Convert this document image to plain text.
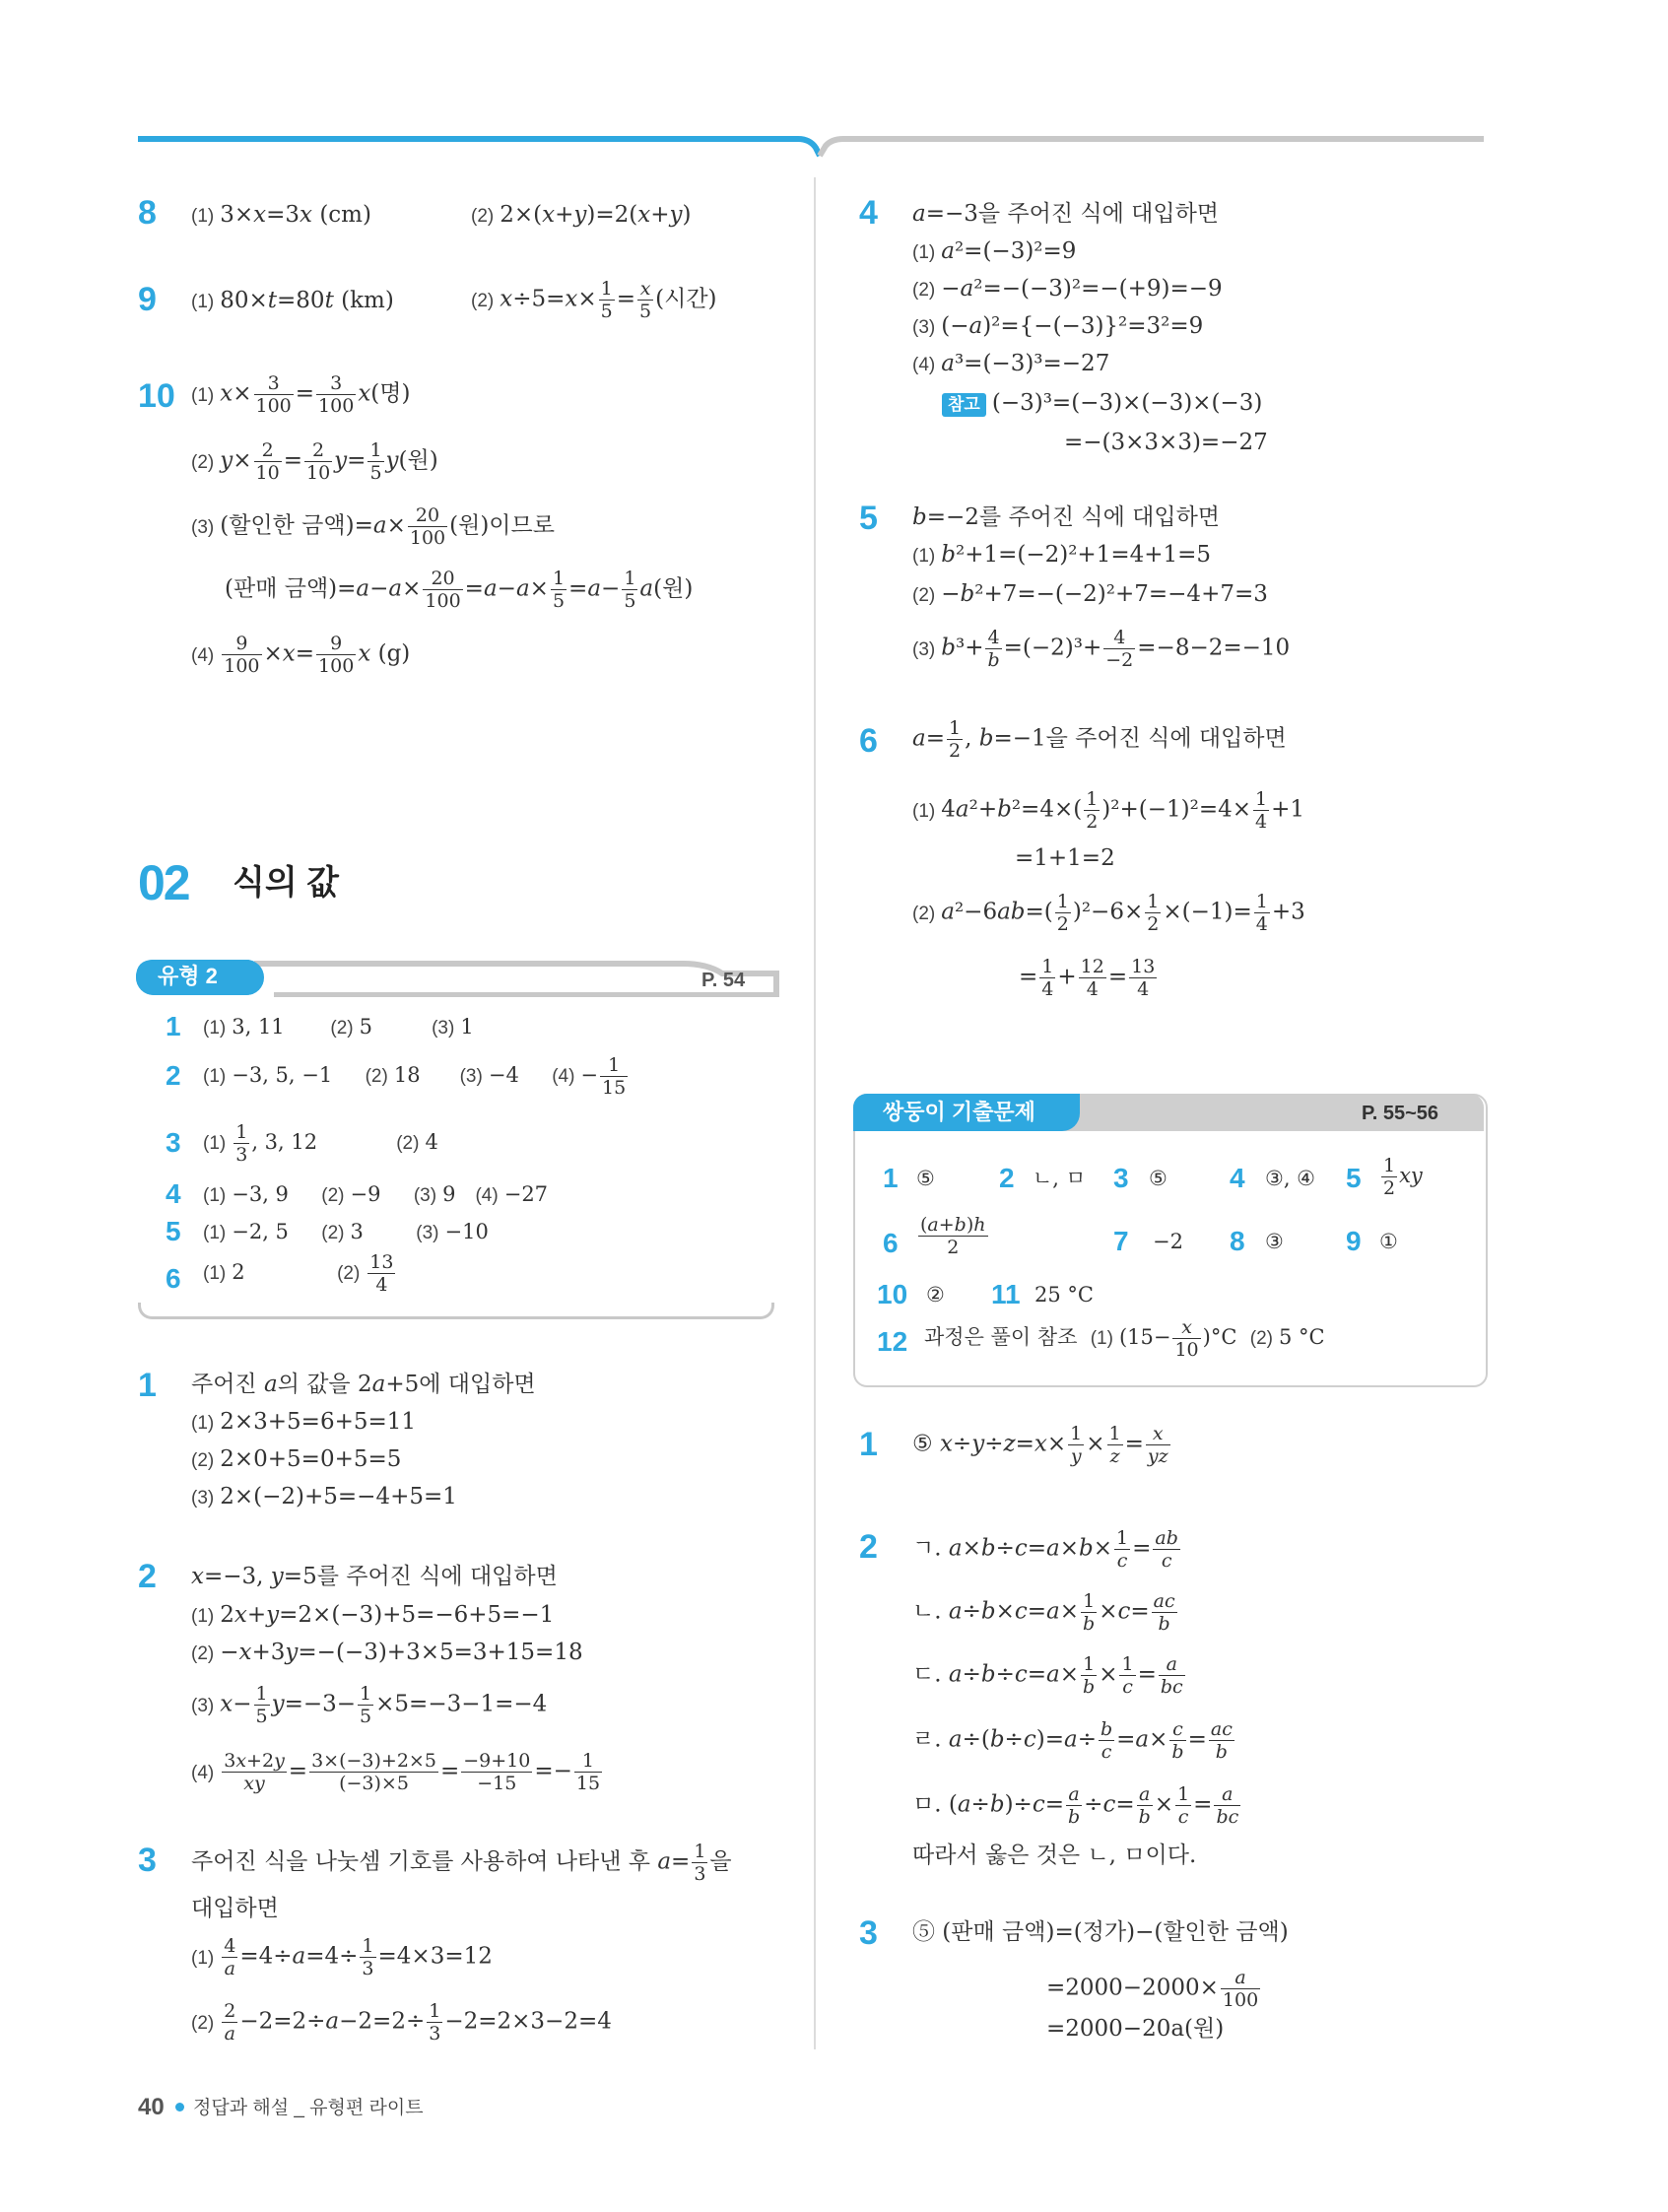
8 (1) 3×x=3x (cm)	(2) 2×(x+y)=2(x+y)
9 (1) 80×t=80t (km)	(2) $x\div 5=x\times \frac{1}{5} = \frac{x}{5}$ (시간)
10 (1) $x\times \frac{3}{100} = \frac{3}{100} x$(명)
(2) $y\times \frac{2}{10} = \frac{2}{10} y= \frac{1}{5} y$(원)
(3) (할인한 금액)$=a\times \frac{20}{100}$ (원)이므로
(판매 금액)$=a-a\times \frac{20}{100} =a-a\times \frac{1}{5} =a- \frac{1}{5} a$(원)
$(4) \frac{9}{100} \times x= \frac{9}{100}$ x (g)
02 식의 값
유형 2	P. 54
1 (1) 3, 11       (2) 5         (3) 1
2 (1) −3, 5, −1     (2) 18      (3) −4     $(4) - \frac{1}{15}$
3 $(1) \frac{1}{3}$ , 3, 12            (2) 4
4 (1) −3, 9     (2) −9     (3) 9   (4) −27
5 (1) −2, 5     (2) 3        (3) −10
6 (1) 2              $(2) \frac{13}{4}$
1 주어진 a의 값을 2a+5에 대입하면
(1) 2×3+5=6+5=11
(2) 2×0+5=0+5=5
(3) 2×(−2)+5=−4+5=1
2 x=−3, y=5를 주어진 식에 대입하면
(1) 2x+y=2×(−3)+5=−6+5=−1
(2) −x+3y=−(−3)+3×5=3+15=18
(3) $x- \frac{1}{5} y=-3- \frac{1}{5} \times 5=-3-1=-4$
$(4) \frac{3x+2y}{xy} = \frac{3\times(-3)+2\times 5}{(-3)\times 5} = \frac{-9+10}{-15} =- \frac{1}{15}$
3 주어진 식을 나눗셈 기호를 사용하여 나타낸 후 $a= \frac{1}{3}$ 을
대입하면
$(1) \frac{4}{a} =4\div a=4\div \frac{1}{3} =4\times 3=12$
$(2) \frac{2}{a} -2=2\div a-2=2\div \frac{1}{3} -2=2\times 3-2=4$
4 a=−3을 주어진 식에 대입하면
(1) a²=(−3)²=9
(2) −a²=−(−3)²=−(+9)=−9
(3) (−a)²={−(−3)}²=3²=9
(4) a³=(−3)³=−27
참고 (−3)³=(−3)×(−3)×(−3)
=−(3×3×3)=−27
5 b=−2를 주어진 식에 대입하면
(1) b²+1=(−2)²+1=4+1=5
(2) −b²+7=−(−2)²+7=−4+7=3
(3) $b^3+ \frac{4}{b} =(-2)^3+ \frac{4}{-2} =-8-2=-10$
6 $a= \frac{1}{2}$ , b=−1을 주어진 식에 대입하면
(1) $4a^2+b^2=4\times( \frac{1}{2} )^2+(-1)^2=4\times \frac{1}{4} +1$
=1+1=2
(2) $a^2-6ab=( \frac{1}{2} )^2-6\times \frac{1}{2} \times(-1)= \frac{1}{4} +3$
= $\frac{1}{4} + \frac{12}{4} = \frac{13}{4}$
쌍둥이 기출문제	P. 55~56
1 ⑤ 2 ㄴ, ㅁ 3 ⑤ 4 ③, ④ $5 \frac{1}{2}$ xy
$6 \frac{(a+b)h}{2}$	7 −2 8 ③ 9 ①
10 ② 11 25 °C
12 과정은 풀이 참조  (1) $(15- \frac{x}{10} )^\circ C$  (2) 5 °C
1 ⑤ $x\div y\div z=x\times \frac{1}{y} \times \frac{1}{z} = \frac{x}{yz}$
2 ㄱ. $a\times b\div c=a\times b\times \frac{1}{c} = \frac{ab}{c}$
ㄴ. $a\div b\times c=a\times \frac{1}{b} \times c= \frac{ac}{b}$
ㄷ. $a\div b\div c=a\times \frac{1}{b} \times \frac{1}{c} = \frac{a}{bc}$
ㄹ. $a\div(b\div c)=a\div \frac{b}{c} =a\times \frac{c}{b} = \frac{ac}{b}$
ㅁ. $(a\div b)\div c= \frac{a}{b} \div c= \frac{a}{b} \times \frac{1}{c} = \frac{a}{bc}$
따라서 옳은 것은 ㄴ, ㅁ이다.
3 ⑤ (판매 금액)=(정가)−(할인한 금액)
$=2000-2000\times \frac{a}{100}$
=2000−20a(원)
40 정답과 해설 _ 유형편 라이트
